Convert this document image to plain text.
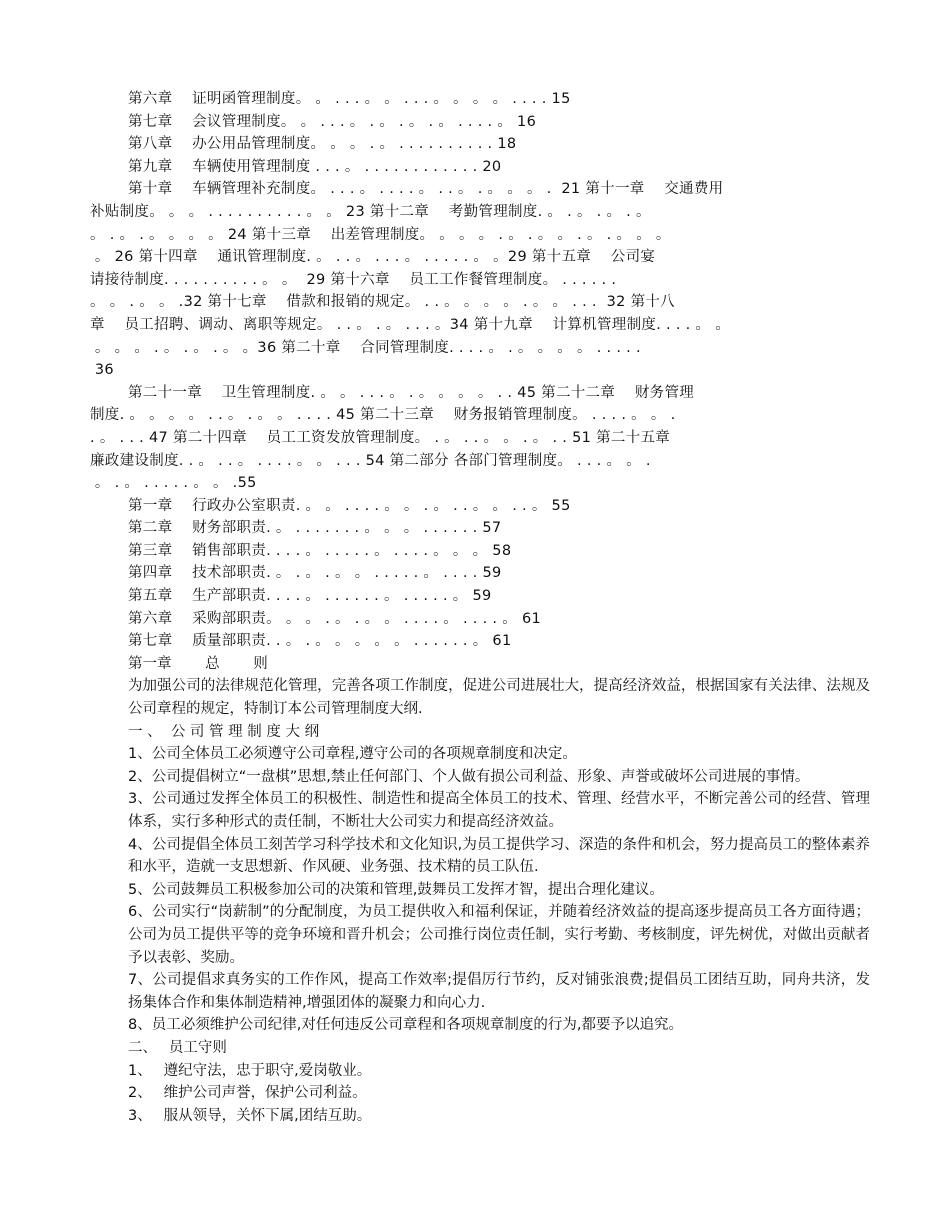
第六章　 证明函管理制度。 。 . . . 。 。 . . . 。 。 。 。 . . . . 15

第七章　 会议管理制度。 。 . . . 。 . 。 . 。 . 。 . . . . 。 16

第八章　 办公用品管理制度。 。 。 . 。 . . . . . . . . . . 18

第九章　 车辆使用管理制度 . . . 。 . . . . . . . . . . . . 20

第十章　 车辆管理补充制度。 . . . 。 . . . . 。 . . 。 . 。 。 。 .  21 第十一章　 交通费用

补贴制度。 。 。 . . . . . . . . . . 。 。 23 第十二章　 考勤管理制度. 。 . 。 . 。 . 。

。 . 。 . 。 。 。 。 24 第十三章　 出差管理制度。 。 。 。 . 。 . 。 。 . 。 . 。 。 。

。 26 第十四章　 通讯管理制度. 。 . . 。 . . . 。 . . . . . 。 。29 第十五章　 公司宴

请接待制度. . . . . . . . . . 。 。  29 第十六章　 员工工作餐管理制度。 . . . . . .

。 。 . 。 。 .32 第十七章　 借款和报销的规定。 . . 。 。 。 。 . 。 。 . . .  32 第十八

章　 员工招聘、调动、离职等规定。 . . 。 . 。 . . . 。34 第十九章　 计算机管理制度. . . . 。 。

。 。 。 . 。 . 。 . 。 。36 第二十章　 合同管理制度. . . . 。 . 。 。 。 。 . . . . .

36

第二十一章　 卫生管理制度. 。 。 . . . 。 . 。 。 。 。 . . 45 第二十二章　 财务管理

制度. 。 。 。 。 . . 。 . 。 。 . . . . 45 第二十三章　 财务报销管理制度。 . . . . 。 。 .

. 。 . . . 47 第二十四章　 员工工资发放管理制度。 . 。 . . 。 。 . 。 . . 51 第二十五章

廉政建设制度. . 。 . . 。 . . . . 。 。 . . . 54 第二部分 各部门管理制度。 . . . 。 。 .

。 . 。 . . . . . 。 。 .55

第一章　 行政办公室职责. 。 。 . . . . 。 。 . 。 . . 。 。 . . 。 55

第二章　 财务部职责. 。 . . . . . . . 。 。 。 . . . . . . 57

第三章　 销售部职责. . . . 。 . . . . . 。 . . . . 。 。 。 58

第四章　 技术部职责. 。 . 。 . 。 。 . . . . . 。 . . . . 59

第五章　 生产部职责. . . . 。 . . . . . . 。 . . . . . 。 59

第六章　 采购部职责。 。 。 . 。 . 。 。 . . . . 。 . . . . 。 61

第七章　 质量部职责. . 。 . 。 。 。 。 。 . . . . . . 。 61

第一章　　 总　　 则

为加强公司的法律规范化管理，完善各项工作制度，促进公司进展壮大，提高经济效益，根据国家有关法律、法规及公司章程的规定，特制订本公司管理制度大纲.

一 、  公 司 管 理 制 度 大 纲

1、公司全体员工必须遵守公司章程,遵守公司的各项规章制度和决定。

2、公司提倡树立“一盘棋”思想,禁止任何部门、个人做有损公司利益、形象、声誉或破坏公司进展的事情。

3、公司通过发挥全体员工的积极性、制造性和提高全体员工的技术、管理、经营水平，不断完善公司的经营、管理体系，实行多种形式的责任制，不断壮大公司实力和提高经济效益。

4、公司提倡全体员工刻苦学习科学技术和文化知识,为员工提供学习、深造的条件和机会，努力提高员工的整体素养和水平，造就一支思想新、作风硬、业务强、技术精的员工队伍.

5、公司鼓舞员工积极参加公司的决策和管理,鼓舞员工发挥才智，提出合理化建议。

6、公司实行“岗薪制”的分配制度，为员工提供收入和福利保证，并随着经济效益的提高逐步提高员工各方面待遇；公司为员工提供平等的竞争环境和晋升机会；公司推行岗位责任制，实行考勤、考核制度，评先树优，对做出贡献者予以表彰、奖励。

7、公司提倡求真务实的工作作风，提高工作效率;提倡厉行节约，反对铺张浪费;提倡员工团结互助，同舟共济，发扬集体合作和集体制造精神,增强团体的凝聚力和向心力.

8、员工必须维护公司纪律,对任何违反公司章程和各项规章制度的行为,都要予以追究。

二、　 员工守则

1、　 遵纪守法，忠于职守,爱岗敬业。

2、　 维护公司声誉，保护公司利益。

3、　 服从领导，关怀下属,团结互助。
